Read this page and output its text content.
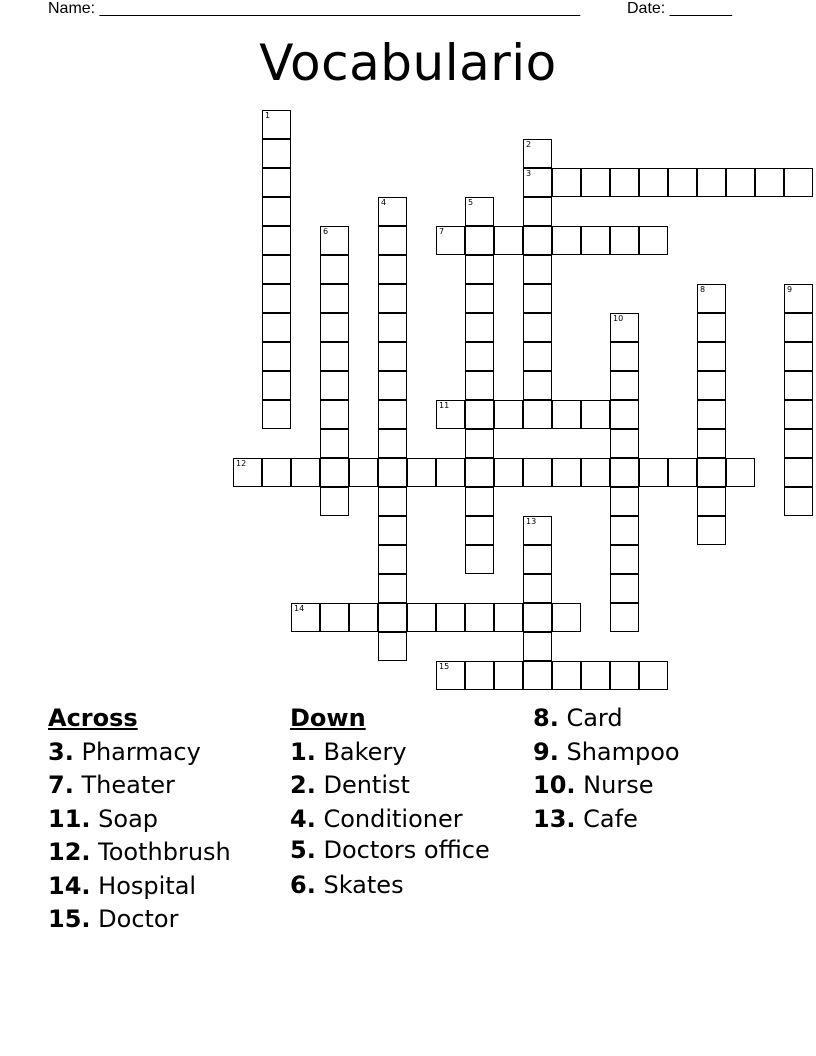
Name: ______________________________________________________	Date: _______
Vocabulario
1
2
3
4	5
6	7
8	9
10
11
12
13
14
15
Across
3. Pharmacy
7. Theater
11. Soap
12. Toothbrush
14. Hospital
15. Doctor
Down
1. Bakery
2. Dentist
4. Conditioner
5. Doctors office
6. Skates
8. Card
9. Shampoo
10. Nurse
13. Cafe
